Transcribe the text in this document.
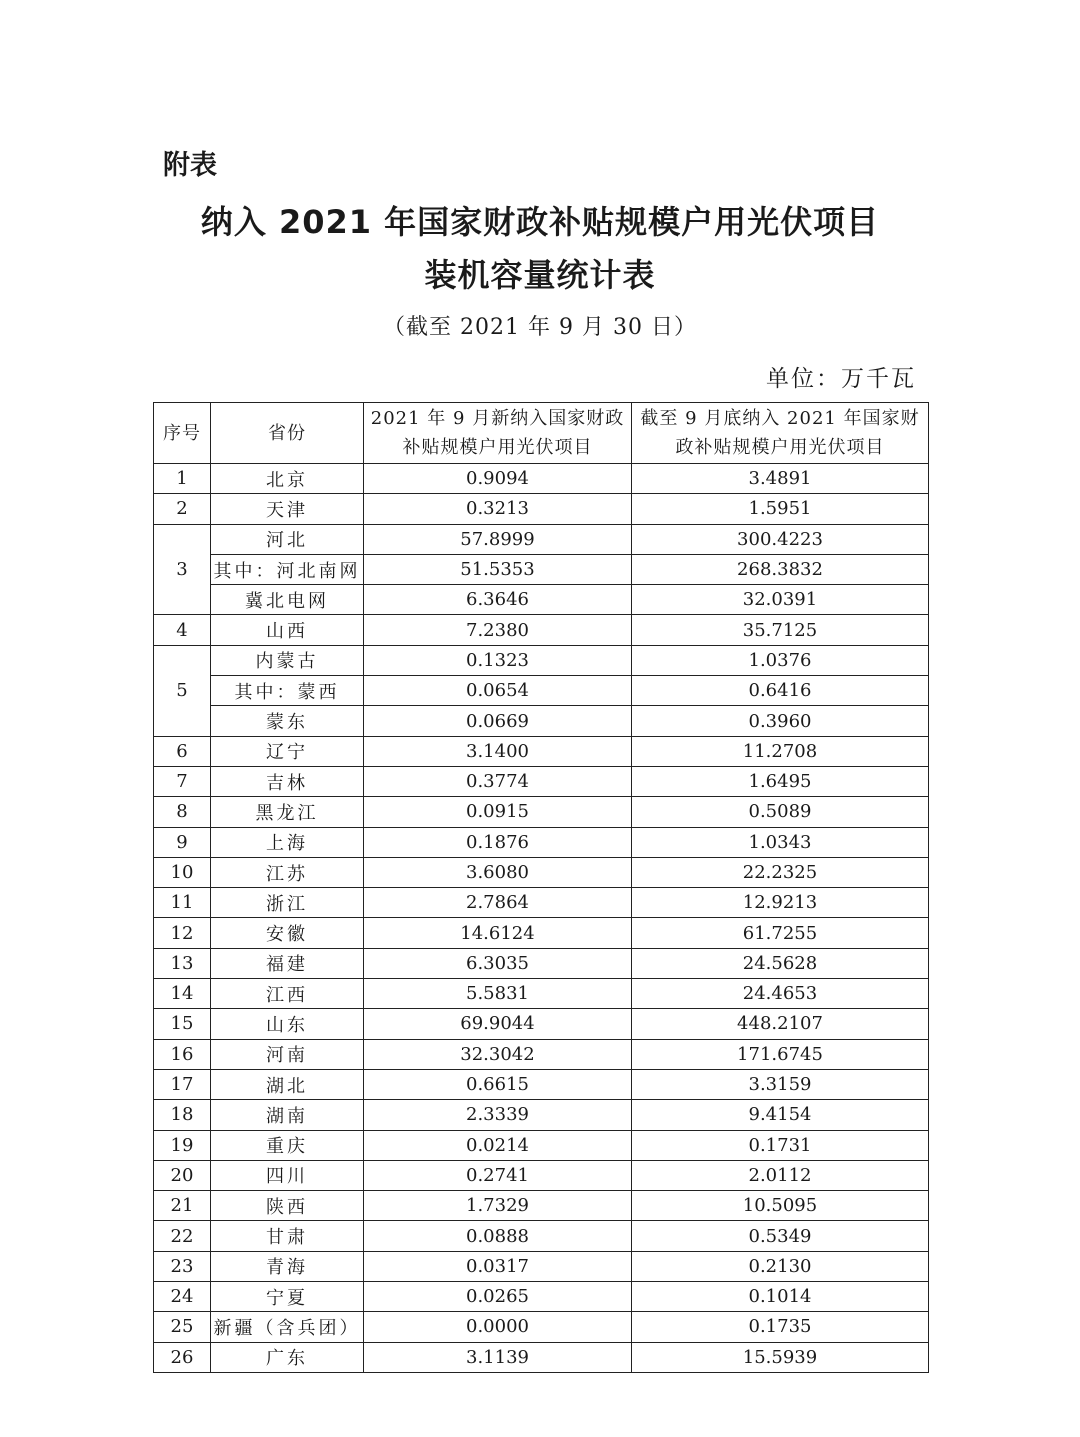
附表
纳入 2021 年国家财政补贴规模户用光伏项目
装机容量统计表
（截至 2021 年 9 月 30 日）
单位：万千瓦
序号	省份	2021 年 9 月新纳入国家财政补贴规模户用光伏项目	截至 9 月底纳入 2021 年国家财政补贴规模户用光伏项目
1	北京	0.9094	3.4891
2	天津	0.3213	1.5951
3	河北	57.8999	300.4223
	其中：河北南网	51.5353	268.3832
	冀北电网	6.3646	32.0391
4	山西	7.2380	35.7125
5	内蒙古	0.1323	1.0376
	其中：蒙西	0.0654	0.6416
	蒙东	0.0669	0.3960
6	辽宁	3.1400	11.2708
7	吉林	0.3774	1.6495
8	黑龙江	0.0915	0.5089
9	上海	0.1876	1.0343
10	江苏	3.6080	22.2325
11	浙江	2.7864	12.9213
12	安徽	14.6124	61.7255
13	福建	6.3035	24.5628
14	江西	5.5831	24.4653
15	山东	69.9044	448.2107
16	河南	32.3042	171.6745
17	湖北	0.6615	3.3159
18	湖南	2.3339	9.4154
19	重庆	0.0214	0.1731
20	四川	0.2741	2.0112
21	陕西	1.7329	10.5095
22	甘肃	0.0888	0.5349
23	青海	0.0317	0.2130
24	宁夏	0.0265	0.1014
25	新疆（含兵团）	0.0000	0.1735
26	广东	3.1139	15.5939
